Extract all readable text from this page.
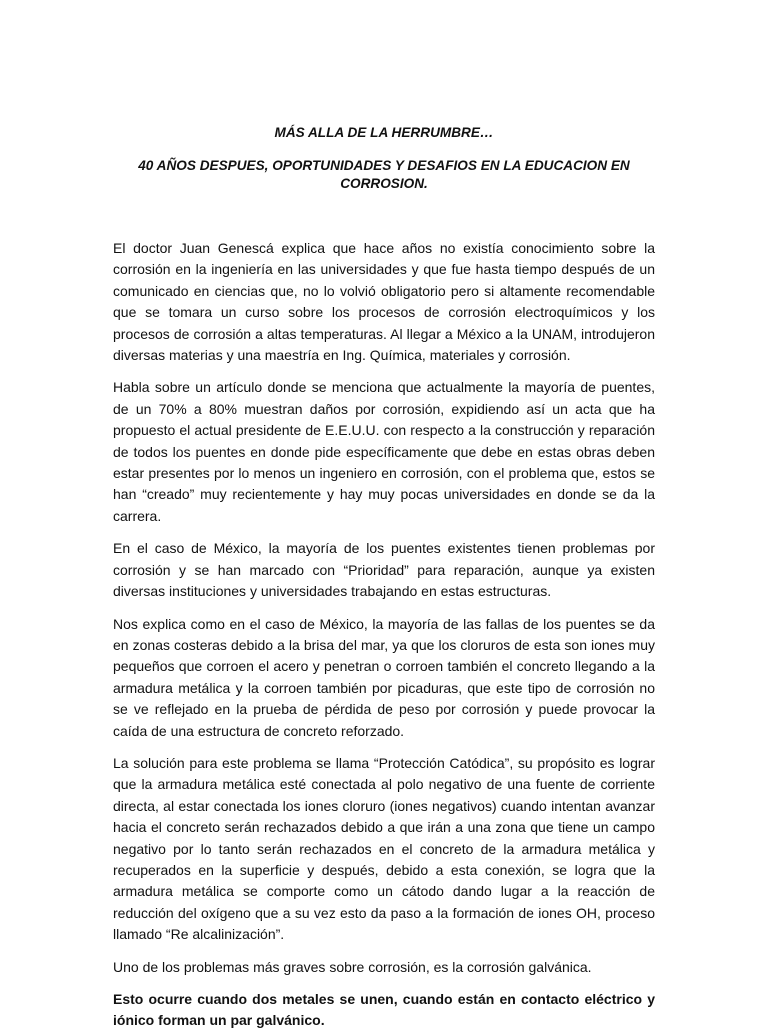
MÁS ALLA DE LA HERRUMBRE…

40 AÑOS DESPUES, OPORTUNIDADES Y DESAFIOS EN LA EDUCACION EN CORROSION.

El doctor Juan Genescá explica que hace años no existía conocimiento sobre la corrosión en la ingeniería en las universidades y que fue hasta tiempo después de un comunicado en ciencias que, no lo volvió obligatorio pero si altamente recomendable que se tomara un curso sobre los procesos de corrosión electroquímicos y los procesos de corrosión a altas temperaturas. Al llegar a México a la UNAM, introdujeron diversas materias y una maestría en Ing. Química, materiales y corrosión.

Habla sobre un artículo donde se menciona que actualmente la mayoría de puentes, de un 70% a 80% muestran daños por corrosión, expidiendo así un acta que ha propuesto el actual presidente de E.E.U.U. con respecto a la construcción y reparación de todos los puentes en donde pide específicamente que debe en estas obras deben estar presentes por lo menos un ingeniero en corrosión, con el problema que, estos se han “creado” muy recientemente y hay muy pocas universidades en donde se da la carrera.

En el caso de México, la mayoría de los puentes existentes tienen problemas por corrosión y se han marcado con “Prioridad” para reparación, aunque ya existen diversas instituciones y universidades trabajando en estas estructuras.

Nos explica como en el caso de México, la mayoría de las fallas de los puentes se da en zonas costeras debido a la brisa del mar, ya que los cloruros de esta son iones muy pequeños que corroen el acero y penetran o corroen también el concreto llegando a la armadura metálica y la corroen también por picaduras, que este tipo de corrosión no se ve reflejado en la prueba de pérdida de peso por corrosión y puede provocar la caída de una estructura de concreto reforzado.

La solución para este problema se llama “Protección Catódica”, su propósito es lograr que la armadura metálica esté conectada al polo negativo de una fuente de corriente directa, al estar conectada los iones cloruro (iones negativos) cuando intentan avanzar hacia el concreto serán rechazados debido a que irán a una zona que tiene un campo negativo por lo tanto serán rechazados en el concreto de la armadura metálica y recuperados en la superficie y después, debido a esta conexión, se logra que la armadura metálica se comporte como un cátodo dando lugar a la reacción de reducción del oxígeno que a su vez esto da paso a la formación de iones OH, proceso llamado “Re alcalinización”.

Uno de los problemas más graves sobre corrosión, es la corrosión galvánica.

Esto ocurre cuando dos metales se unen, cuando están en contacto eléctrico y iónico forman un par galvánico.
